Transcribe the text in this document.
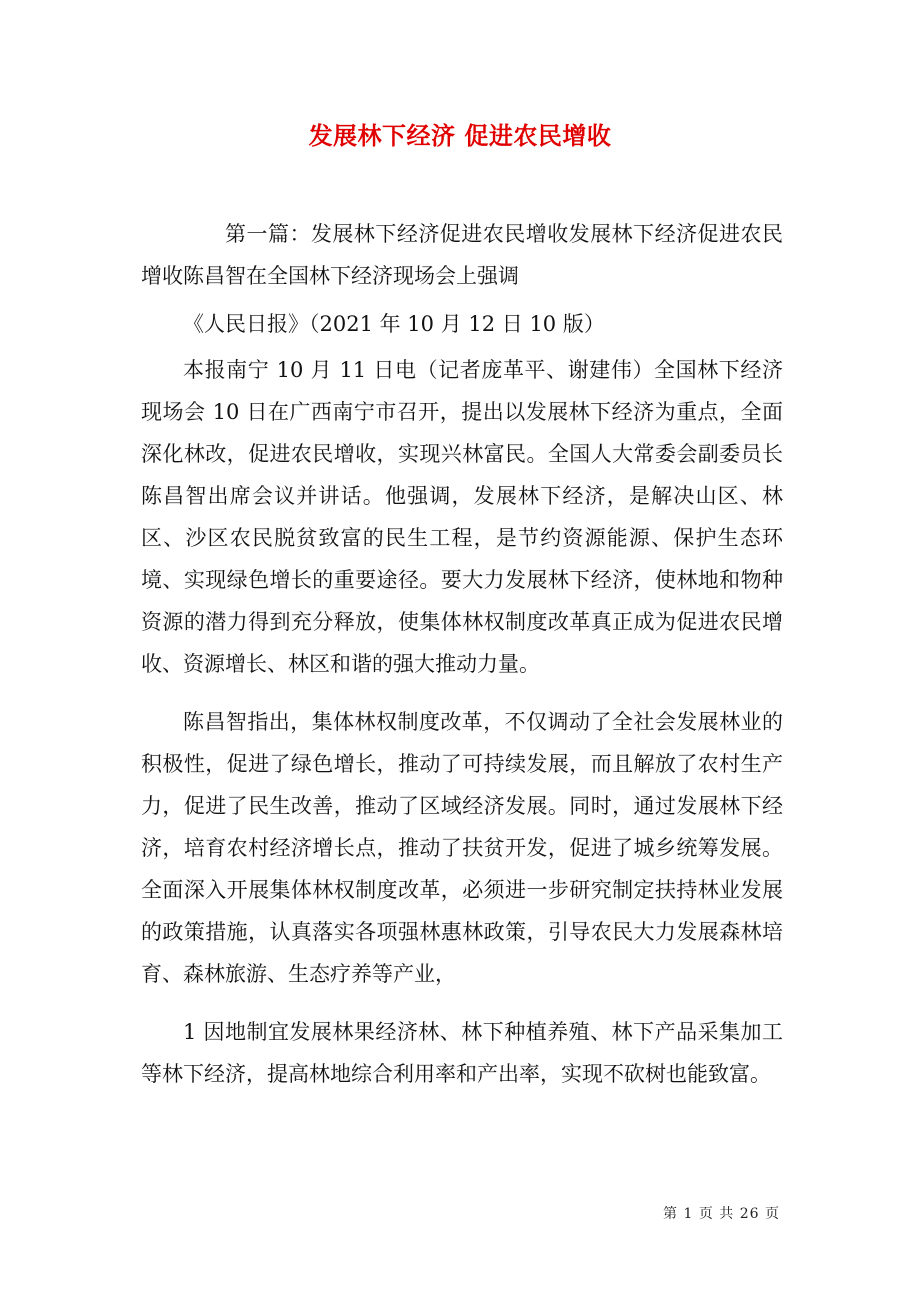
发展林下经济 促进农民增收

第一篇：发展林下经济促进农民增收发展林下经济促进农民增收陈昌智在全国林下经济现场会上强调

《人民日报》（2021 年 10 月 12 日 10 版）

本报南宁 10 月 11 日电（记者庞革平、谢建伟）全国林下经济现场会 10 日在广西南宁市召开，提出以发展林下经济为重点，全面深化林改，促进农民增收，实现兴林富民。全国人大常委会副委员长陈昌智出席会议并讲话。他强调，发展林下经济，是解决山区、林区、沙区农民脱贫致富的民生工程，是节约资源能源、保护生态环境、实现绿色增长的重要途径。要大力发展林下经济，使林地和物种资源的潜力得到充分释放，使集体林权制度改革真正成为促进农民增收、资源增长、林区和谐的强大推动力量。

陈昌智指出，集体林权制度改革，不仅调动了全社会发展林业的积极性，促进了绿色增长，推动了可持续发展，而且解放了农村生产力，促进了民生改善，推动了区域经济发展。同时，通过发展林下经济，培育农村经济增长点，推动了扶贫开发，促进了城乡统筹发展。全面深入开展集体林权制度改革，必须进一步研究制定扶持林业发展的政策措施，认真落实各项强林惠林政策，引导农民大力发展森林培育、森林旅游、生态疗养等产业，

1 因地制宜发展林果经济林、林下种植养殖、林下产品采集加工等林下经济，提高林地综合利用率和产出率，实现不砍树也能致富。

第 1 页 共 26 页
